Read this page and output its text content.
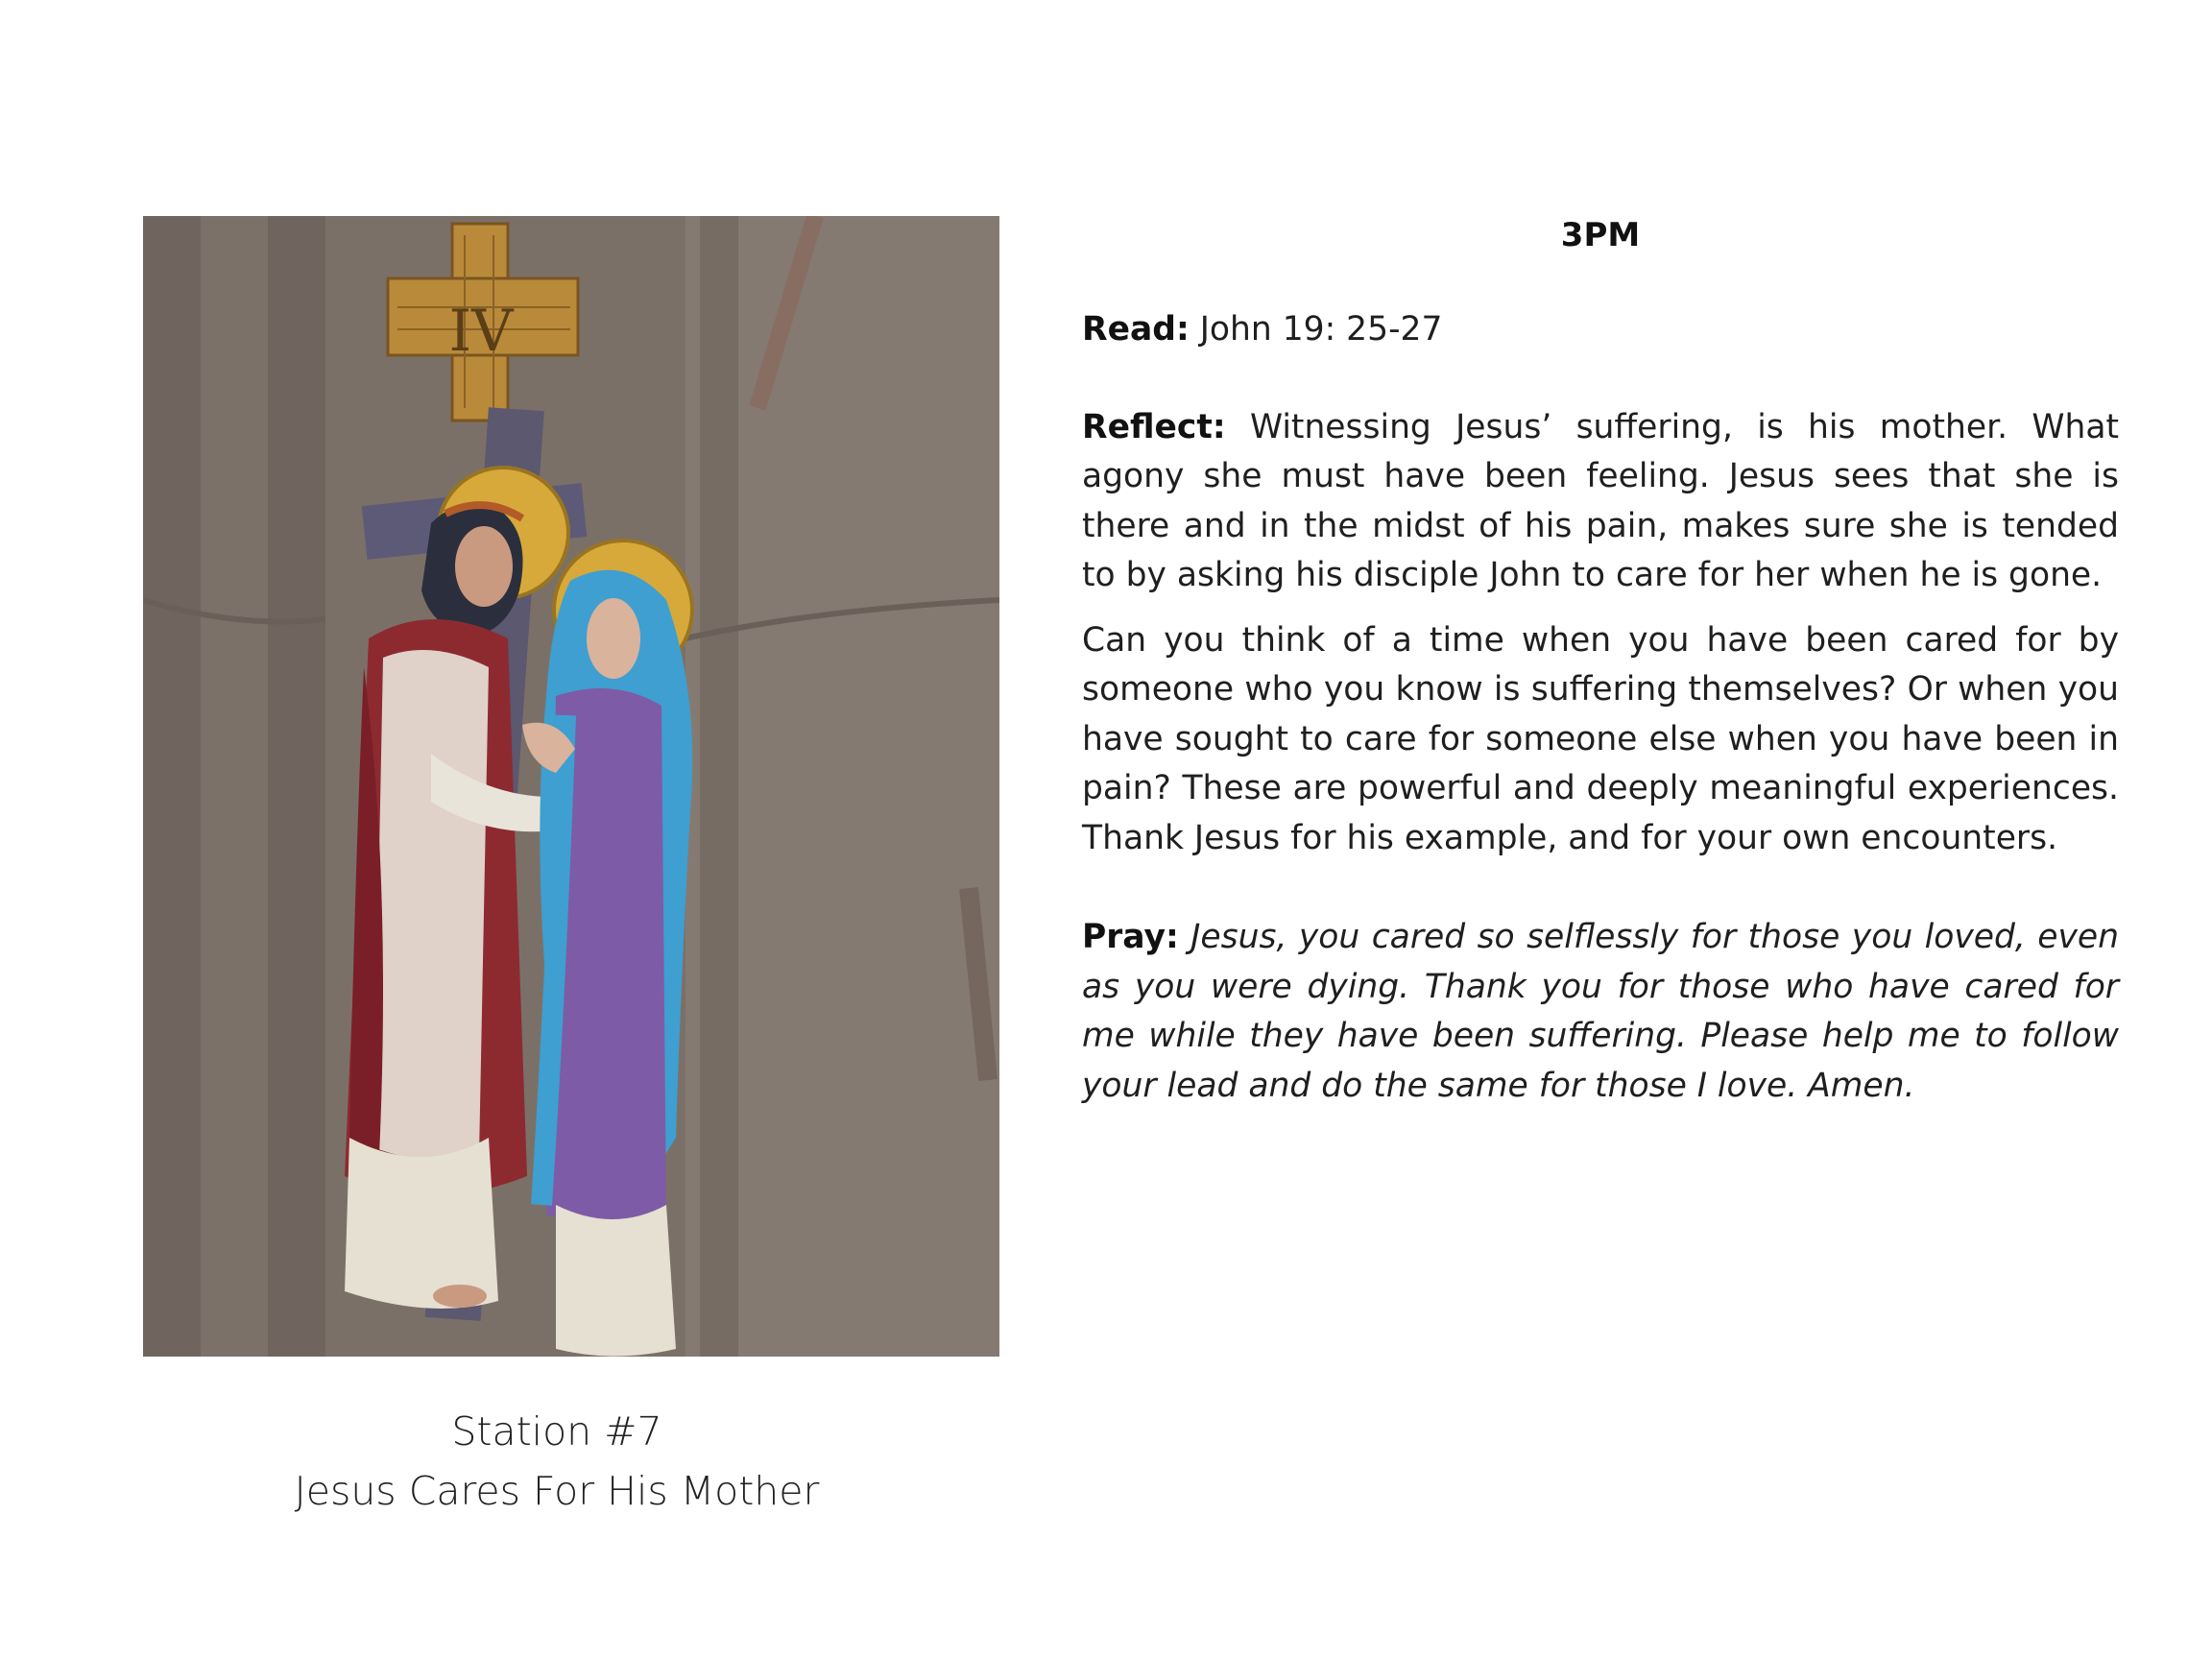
IV
Station #7
Jesus Cares For His Mother
3PM

Read: John 19: 25-27

Reflect: Witnessing Jesus’ suffering, is his mother. What agony she must have been feeling. Jesus sees that she is there and in the midst of his pain, makes sure she is tended to by asking his disciple John to care for her when he is gone.

Can you think of a time when you have been cared for by someone who you know is suffering themselves? Or when you have sought to care for someone else when you have been in pain? These are powerful and deeply meaningful experiences. Thank Jesus for his example, and for your own encounters.

Pray: Jesus, you cared so selflessly for those you loved, even as you were dying. Thank you for those who have cared for me while they have been suffering. Please help me to follow your lead and do the same for those I love. Amen.
